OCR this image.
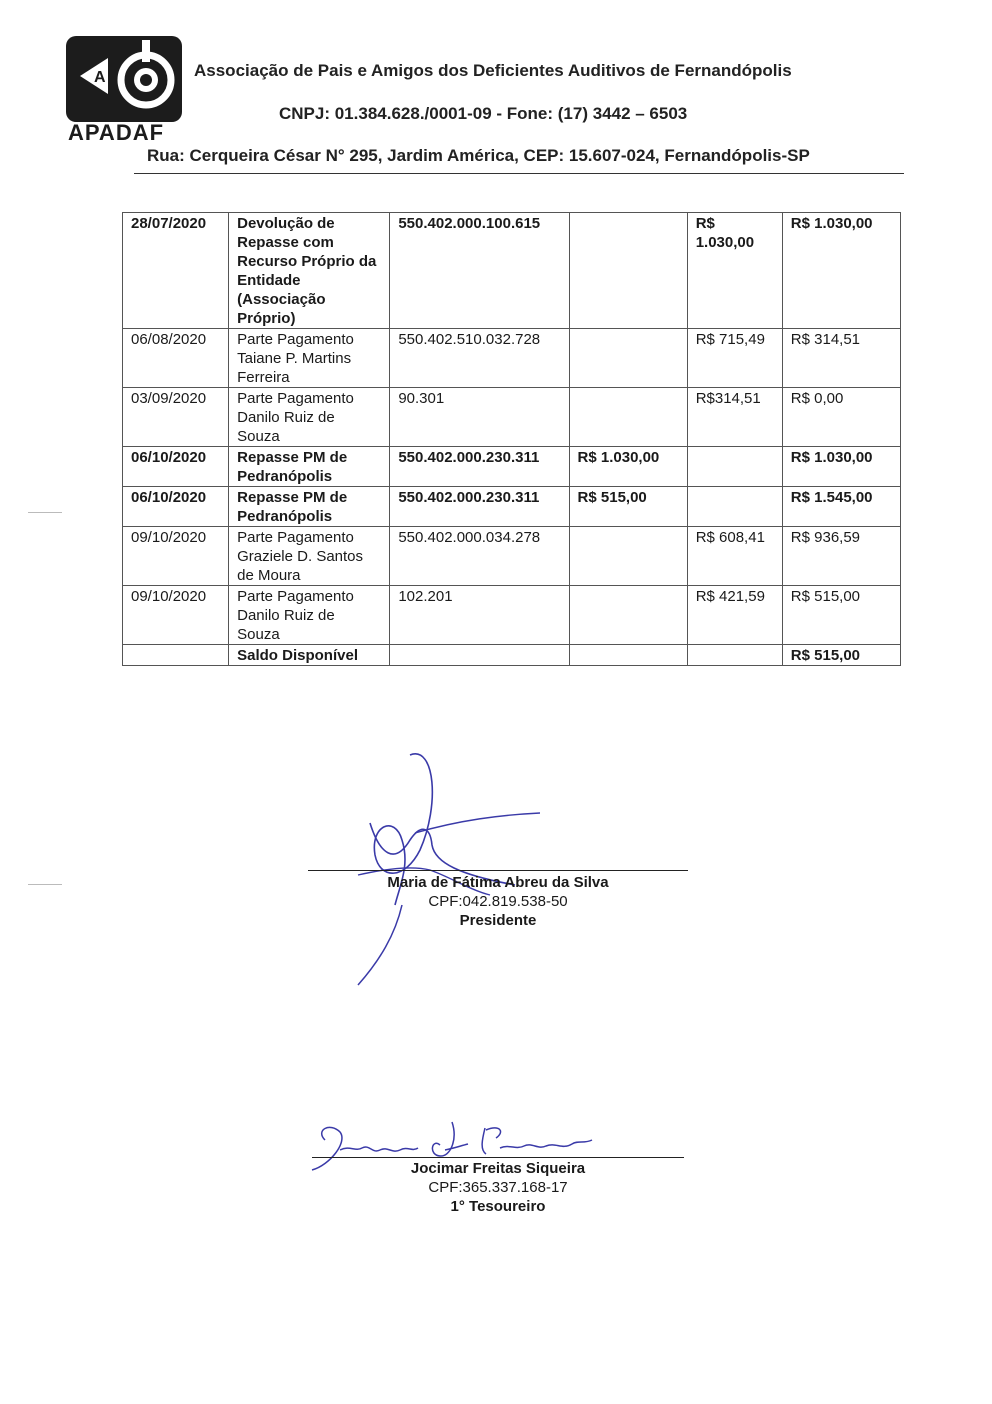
A
APADAF
Associação de Pais e Amigos dos Deficientes Auditivos de Fernandópolis
CNPJ: 01.384.628./0001-09 - Fone: (17) 3442 – 6503
Rua: Cerqueira César N° 295, Jardim América, CEP: 15.607-024, Fernandópolis-SP
28/07/2020	Devolução de Repasse com Recurso Próprio da Entidade (Associação Próprio)	550.402.000.100.615		R$ 1.030,00	R$ 1.030,00
06/08/2020	Parte Pagamento Taiane P. Martins Ferreira	550.402.510.032.728		R$ 715,49	R$ 314,51
03/09/2020	Parte Pagamento Danilo Ruiz de Souza	90.301		R$314,51	R$ 0,00
06/10/2020	Repasse PM de Pedranópolis	550.402.000.230.311	R$ 1.030,00		R$ 1.030,00
06/10/2020	Repasse PM de Pedranópolis	550.402.000.230.311	R$ 515,00		R$ 1.545,00
09/10/2020	Parte Pagamento Graziele D. Santos de Moura	550.402.000.034.278		R$ 608,41	R$ 936,59
09/10/2020	Parte Pagamento Danilo Ruiz de Souza	102.201		R$ 421,59	R$ 515,00
	Saldo Disponível				R$ 515,00
Maria de Fátima Abreu da Silva
CPF:042.819.538-50
Presidente
Jocimar Freitas Siqueira
CPF:365.337.168-17
1° Tesoureiro
